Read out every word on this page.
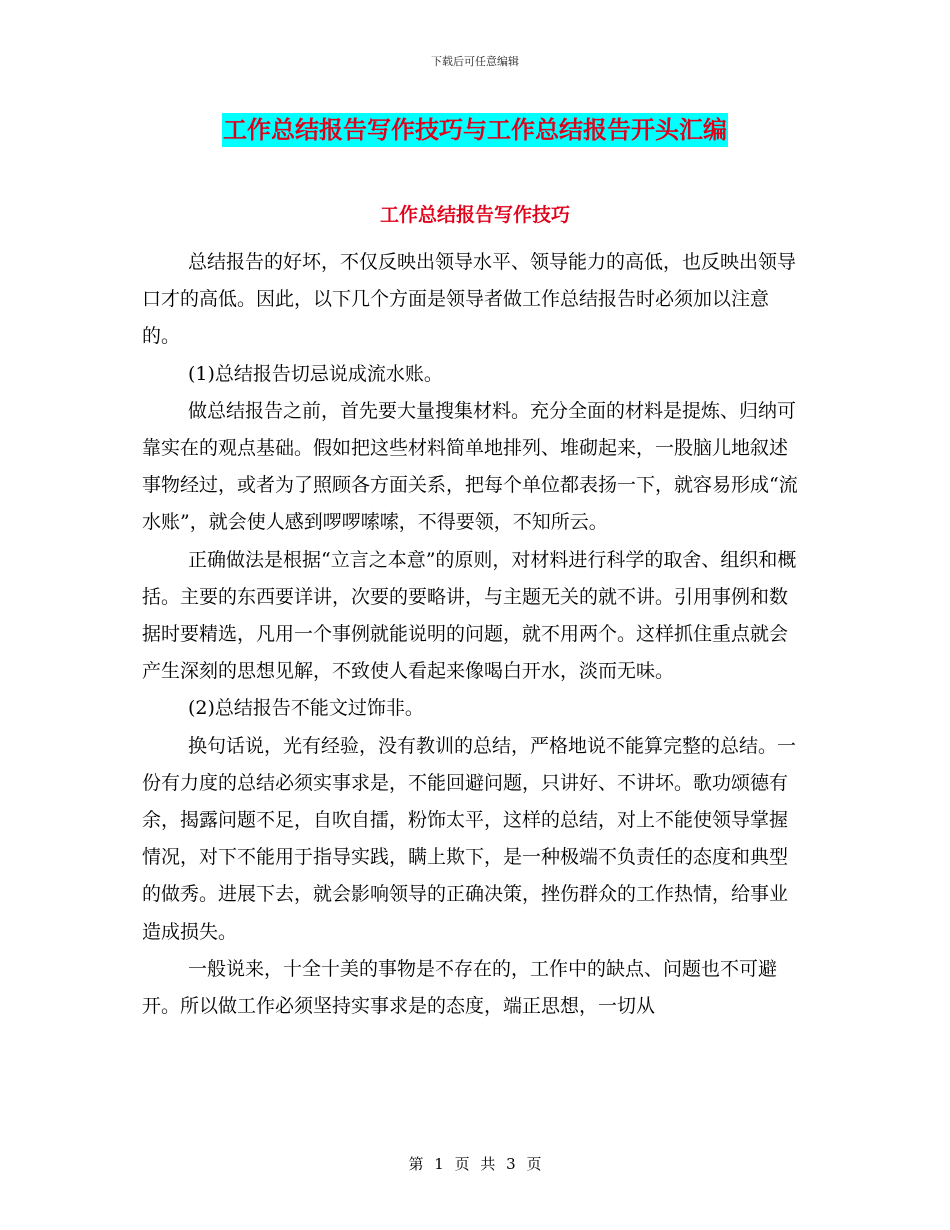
下载后可任意编辑
工作总结报告写作技巧与工作总结报告开头汇编
工作总结报告写作技巧

总结报告的好坏，不仅反映出领导水平、领导能力的高低，也反映出领导口才的高低。因此，以下几个方面是领导者做工作总结报告时必须加以注意的。

(1)总结报告切忌说成流水账。

做总结报告之前，首先要大量搜集材料。充分全面的材料是提炼、归纳可靠实在的观点基础。假如把这些材料简单地排列、堆砌起来，一股脑儿地叙述事物经过，或者为了照顾各方面关系，把每个单位都表扬一下，就容易形成“流水账”，就会使人感到啰啰嗦嗦，不得要领，不知所云。

正确做法是根据“立言之本意”的原则，对材料进行科学的取舍、组织和概括。主要的东西要详讲，次要的要略讲，与主题无关的就不讲。引用事例和数据时要精选，凡用一个事例就能说明的问题，就不用两个。这样抓住重点就会产生深刻的思想见解，不致使人看起来像喝白开水，淡而无味。

(2)总结报告不能文过饰非。

换句话说，光有经验，没有教训的总结，严格地说不能算完整的总结。一份有力度的总结必须实事求是，不能回避问题，只讲好、不讲坏。歌功颂德有余，揭露问题不足，自吹自擂，粉饰太平，这样的总结，对上不能使领导掌握情况，对下不能用于指导实践，瞒上欺下，是一种极端不负责任的态度和典型的做秀。进展下去，就会影响领导的正确决策，挫伤群众的工作热情，给事业造成损失。

一般说来，十全十美的事物是不存在的，工作中的缺点、问题也不可避开。所以做工作必须坚持实事求是的态度，端正思想，一切从

第 1 页 共 3 页
